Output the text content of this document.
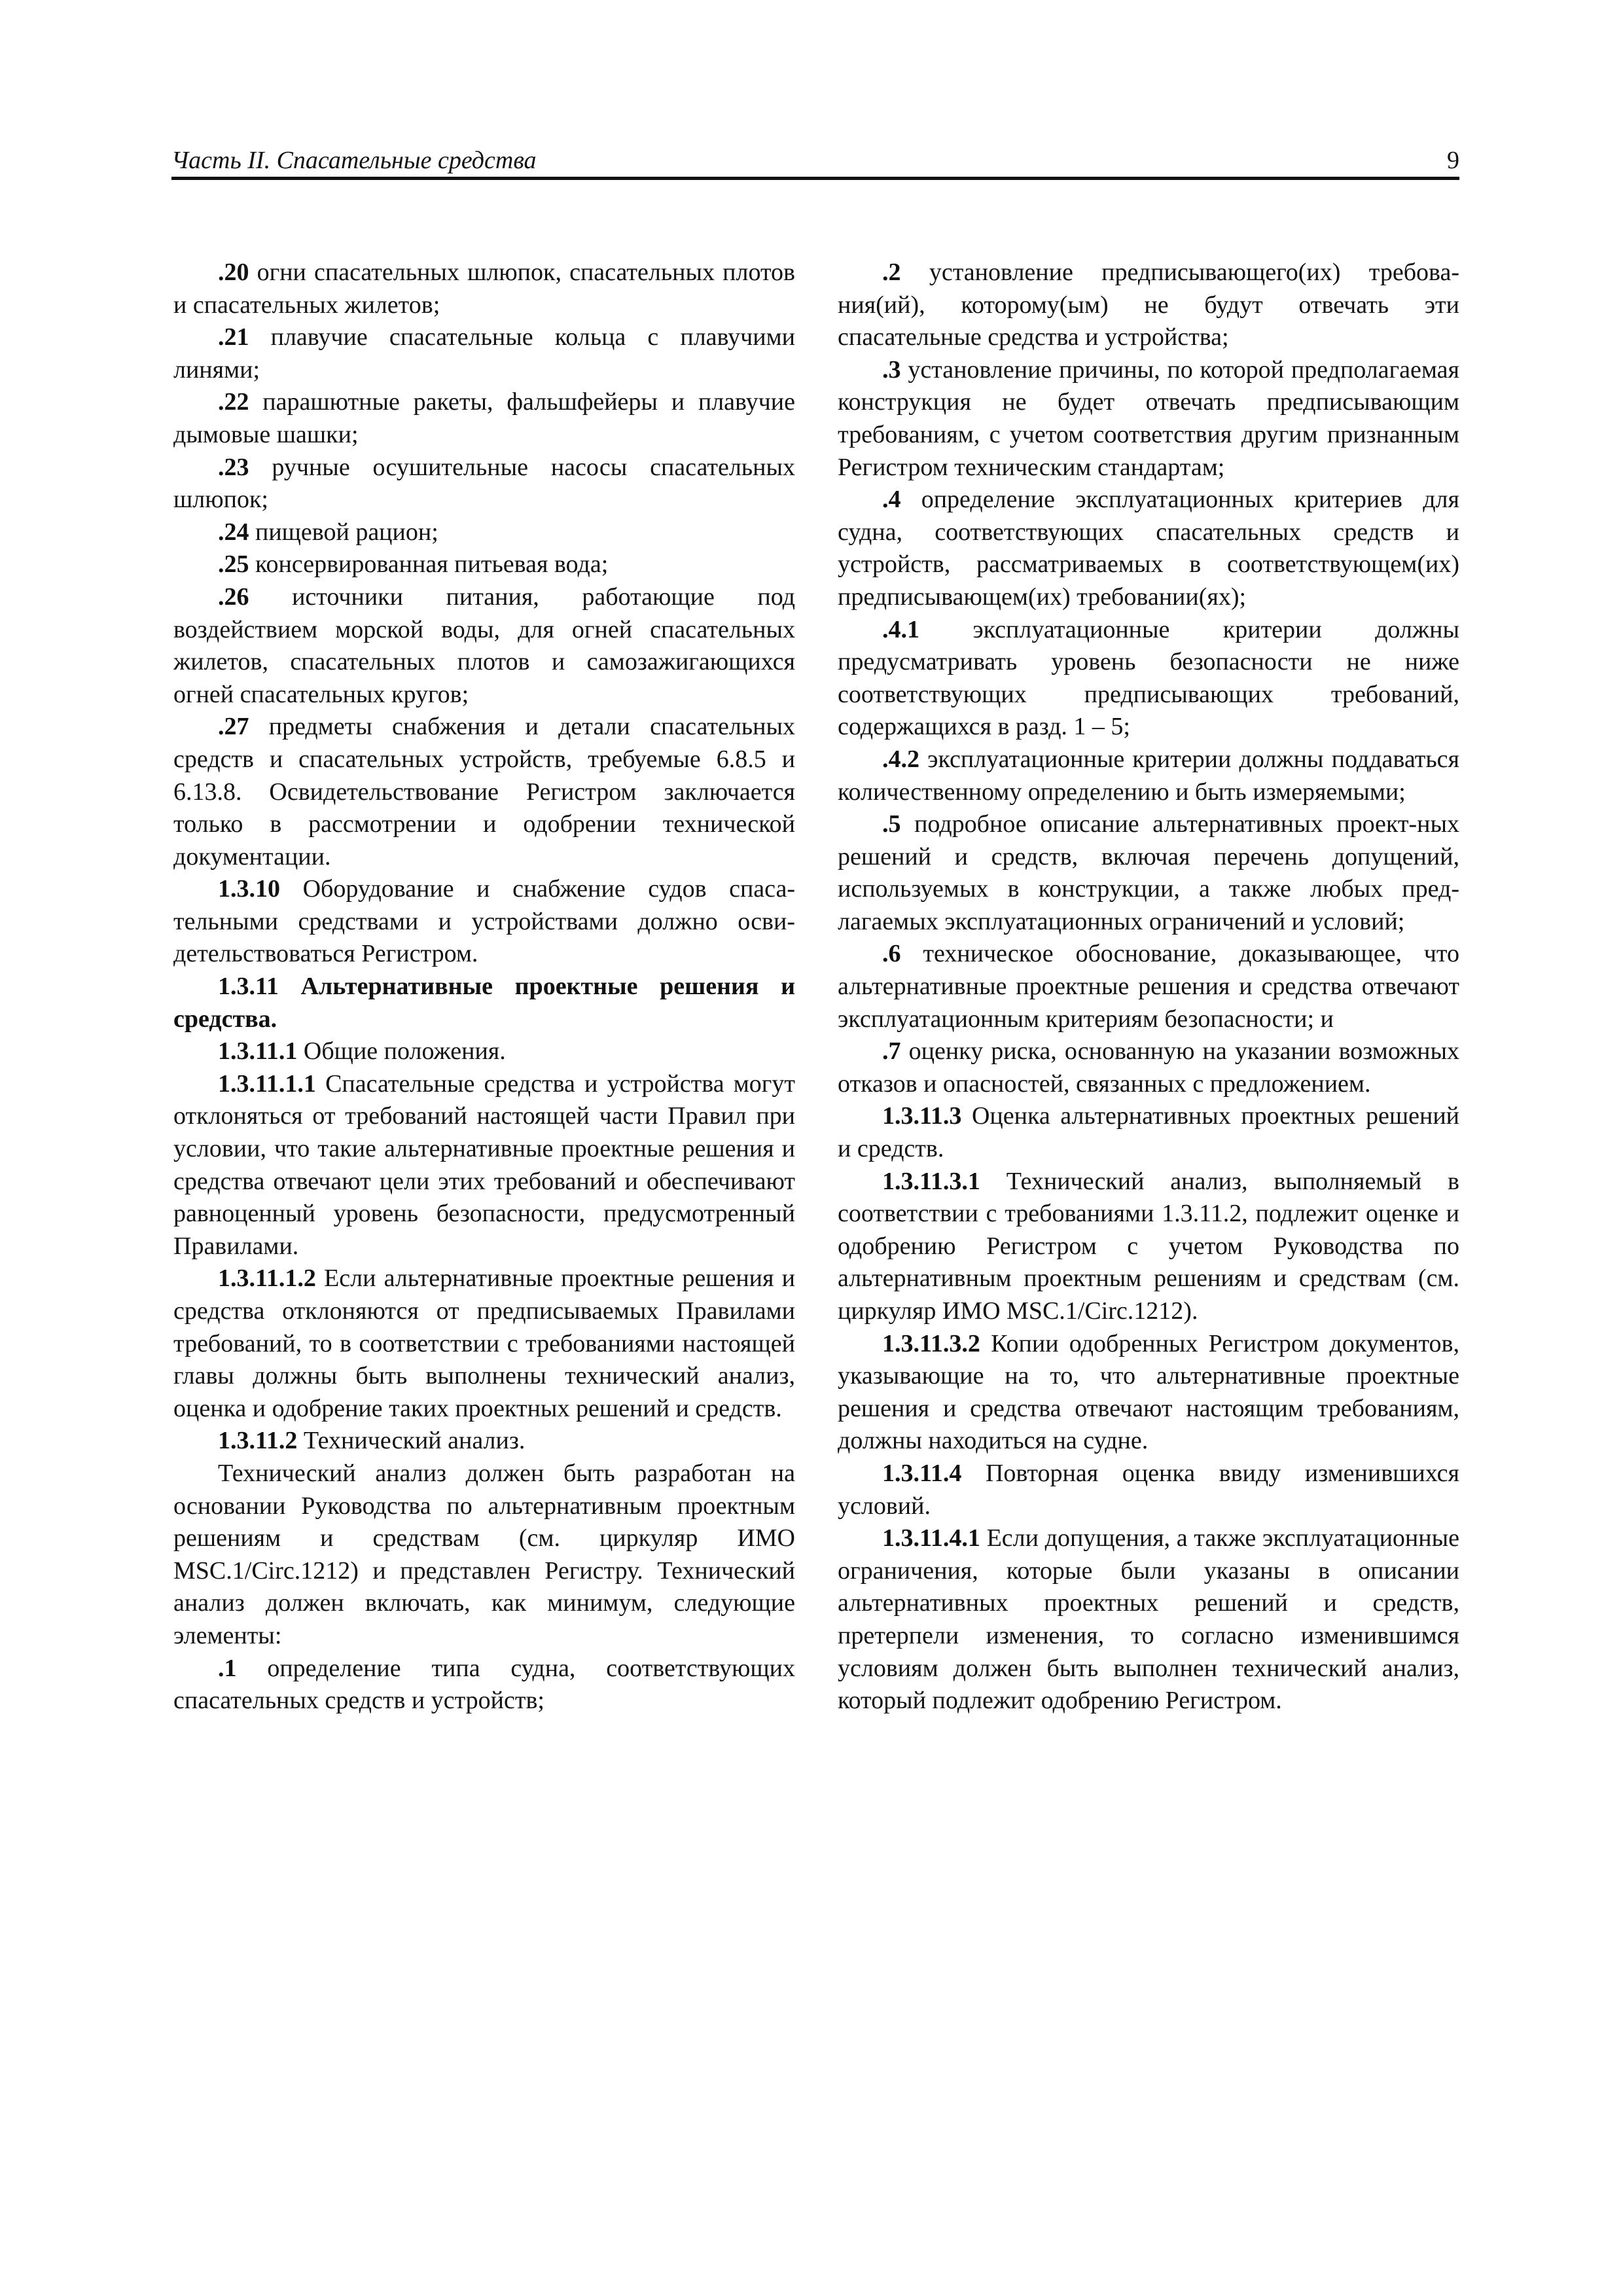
Часть II. Спасательные средства	9

.20 огни спасательных шлюпок, спасательных плотов и спасательных жилетов;

.21 плавучие спасательные кольца с плавучими линями;

.22 парашютные ракеты, фальшфейеры и плавучие дымовые шашки;

.23 ручные осушительные насосы спасательных шлюпок;

.24 пищевой рацион;

.25 консервированная питьевая вода;

.26 источники питания, работающие под воздействием морской воды, для огней спасательных жилетов, спасательных плотов и самозажигающихся огней спасательных кругов;

.27 предметы снабжения и детали спасательных средств и спасательных устройств, требуемые 6.8.5 и 6.13.8. Освидетельствование Регистром заключается только в рассмотрении и одобрении технической документации.

1.3.10 Оборудование и снабжение судов спасательными средствами и устройствами должно освидетельствоваться Регистром.

1.3.11 Альтернативные проектные решения и средства.

1.3.11.1 Общие положения.

1.3.11.1.1 Спасательные средства и устройства могут отклоняться от требований настоящей части Правил при условии, что такие альтернативные проектные решения и средства отвечают цели этих требований и обеспечивают равноценный уровень безопасности, предусмотренный Правилами.

1.3.11.1.2 Если альтернативные проектные решения и средства отклоняются от предписываемых Правилами требований, то в соответствии с требованиями настоящей главы должны быть выполнены технический анализ, оценка и одобрение таких проектных решений и средств.

1.3.11.2 Технический анализ.

Технический анализ должен быть разработан на основании Руководства по альтернативным проектным решениям и средствам (см. циркуляр ИМО MSC.1/Circ.1212) и представлен Регистру. Технический анализ должен включать, как минимум, следующие элементы:

.1 определение типа судна, соответствующих спасательных средств и устройств;

.2 установление предписывающего(их) требования(ий), которому(ым) не будут отвечать эти спасательные средства и устройства;

.3 установление причины, по которой предполагаемая конструкция не будет отвечать предписывающим требованиям, с учетом соответствия другим признанным Регистром техническим стандартам;

.4 определение эксплуатационных критериев для судна, соответствующих спасательных средств и устройств, рассматриваемых в соответствующем(их) предписывающем(их) требовании(ях);

.4.1 эксплуатационные критерии должны предусматривать уровень безопасности не ниже соответствующих предписывающих требований, содержащихся в разд. 1 – 5;

.4.2 эксплуатационные критерии должны поддаваться количественному определению и быть измеряемыми;

.5 подробное описание альтернативных проект-ных решений и средств, включая перечень допущений, используемых в конструкции, а также любых предлагаемых эксплуатационных ограничений и условий;

.6 техническое обоснование, доказывающее, что альтернативные проектные решения и средства отвечают эксплуатационным критериям безопасности; и

.7 оценку риска, основанную на указании возможных отказов и опасностей, связанных с предложением.

1.3.11.3 Оценка альтернативных проектных решений и средств.

1.3.11.3.1 Технический анализ, выполняемый в соответствии с требованиями 1.3.11.2, подлежит оценке и одобрению Регистром с учетом Руководства по альтернативным проектным решениям и средствам (см. циркуляр ИМО MSC.1/Circ.1212).

1.3.11.3.2 Копии одобренных Регистром документов, указывающие на то, что альтернативные проектные решения и средства отвечают настоящим требованиям, должны находиться на судне.

1.3.11.4 Повторная оценка ввиду изменившихся условий.

1.3.11.4.1 Если допущения, а также эксплуатационные ограничения, которые были указаны в описании альтернативных проектных решений и средств, претерпели изменения, то согласно изменившимся условиям должен быть выполнен технический анализ, который подлежит одобрению Регистром.
